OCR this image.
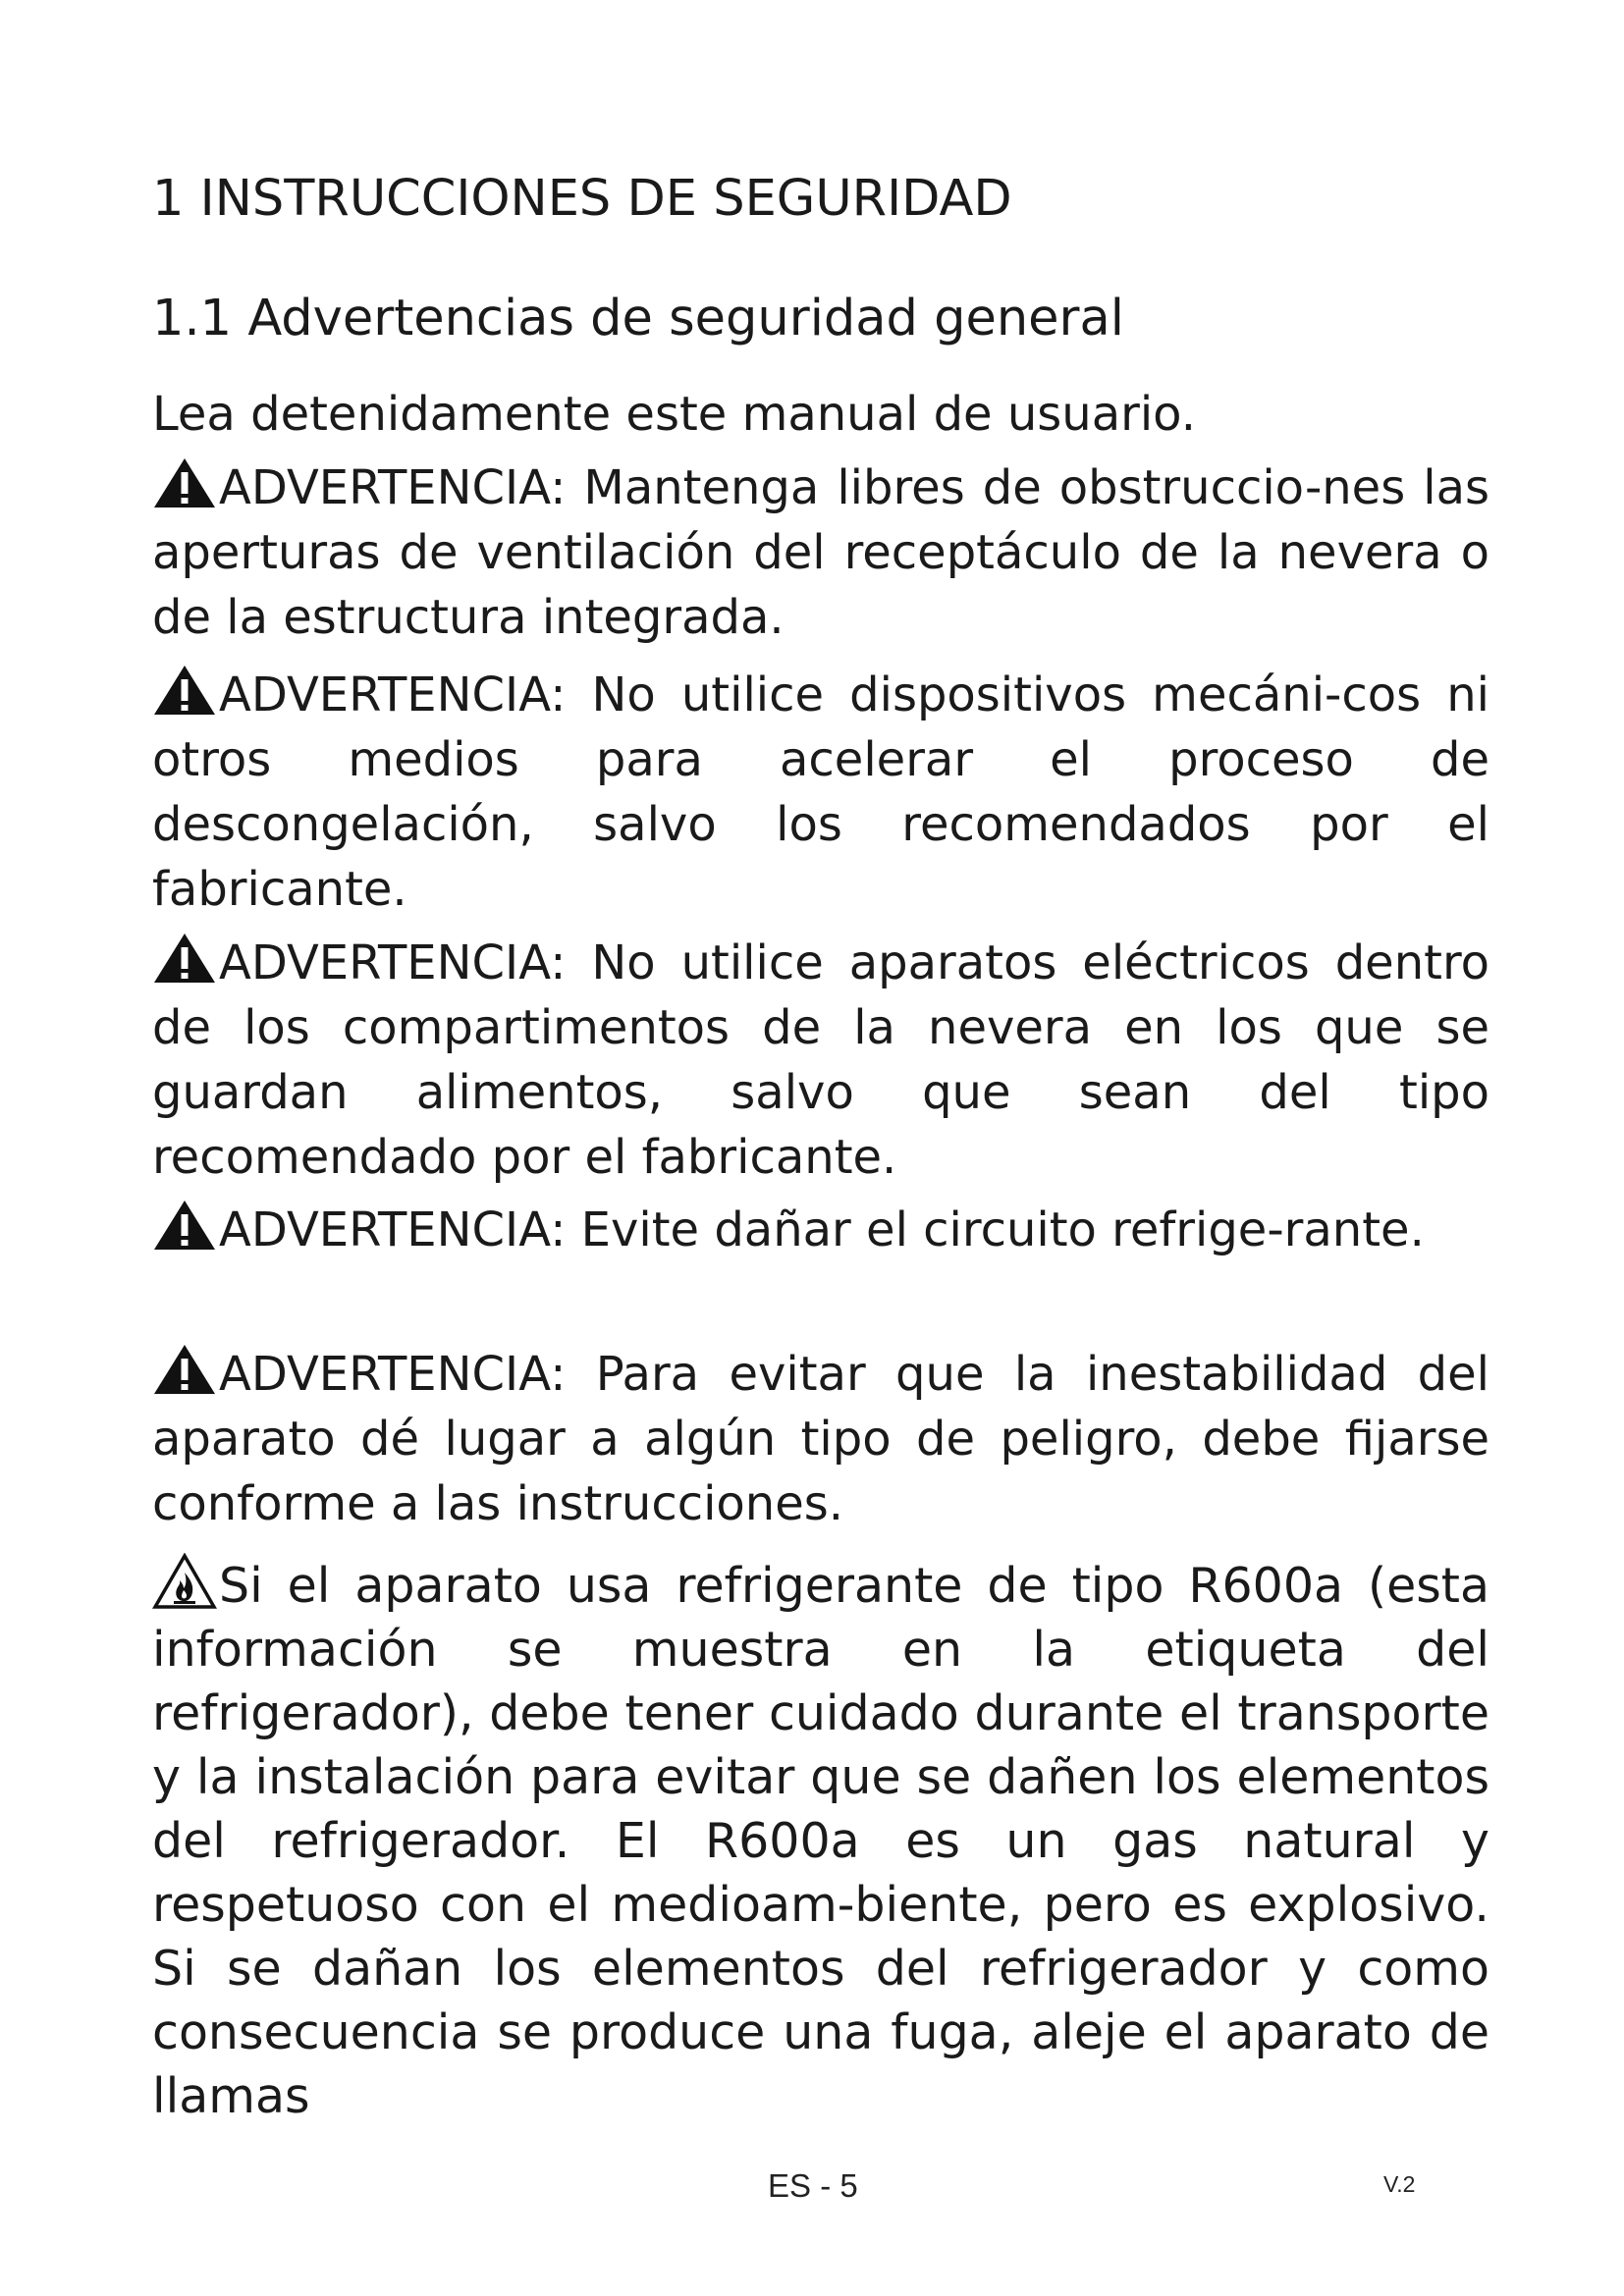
1 INSTRUCCIONES DE SEGURIDAD
1.1 Advertencias de seguridad general
Lea detenidamente este manual de usuario.
ADVERTENCIA: Mantenga libres de obstruccio-nes las aperturas de ventilación del receptáculo de la nevera o de la estructura integrada.
ADVERTENCIA: No utilice dispositivos mecáni-cos ni otros medios para acelerar el proceso de descongelación, salvo los recomendados por el fabricante.
ADVERTENCIA: No utilice aparatos eléctricos dentro de los compartimentos de la nevera en los que se guardan alimentos, salvo que sean del tipo recomendado por el fabricante.
ADVERTENCIA: Evite dañar el circuito refrige-rante.
ADVERTENCIA: Para evitar que la inestabilidad del aparato dé lugar a algún tipo de peligro, debe fijarse conforme a las instrucciones.
Si el aparato usa refrigerante de tipo R600a (esta información se muestra en la etiqueta del refrigerador), debe tener cuidado durante el transporte y la instalación para evitar que se dañen los elementos del refrigerador. El R600a es un gas natural y respetuoso con el medioam-biente, pero es explosivo. Si se dañan los elementos del refrigerador y como consecuencia se produce una fuga, aleje el aparato de llamas
ES - 5	V.2
